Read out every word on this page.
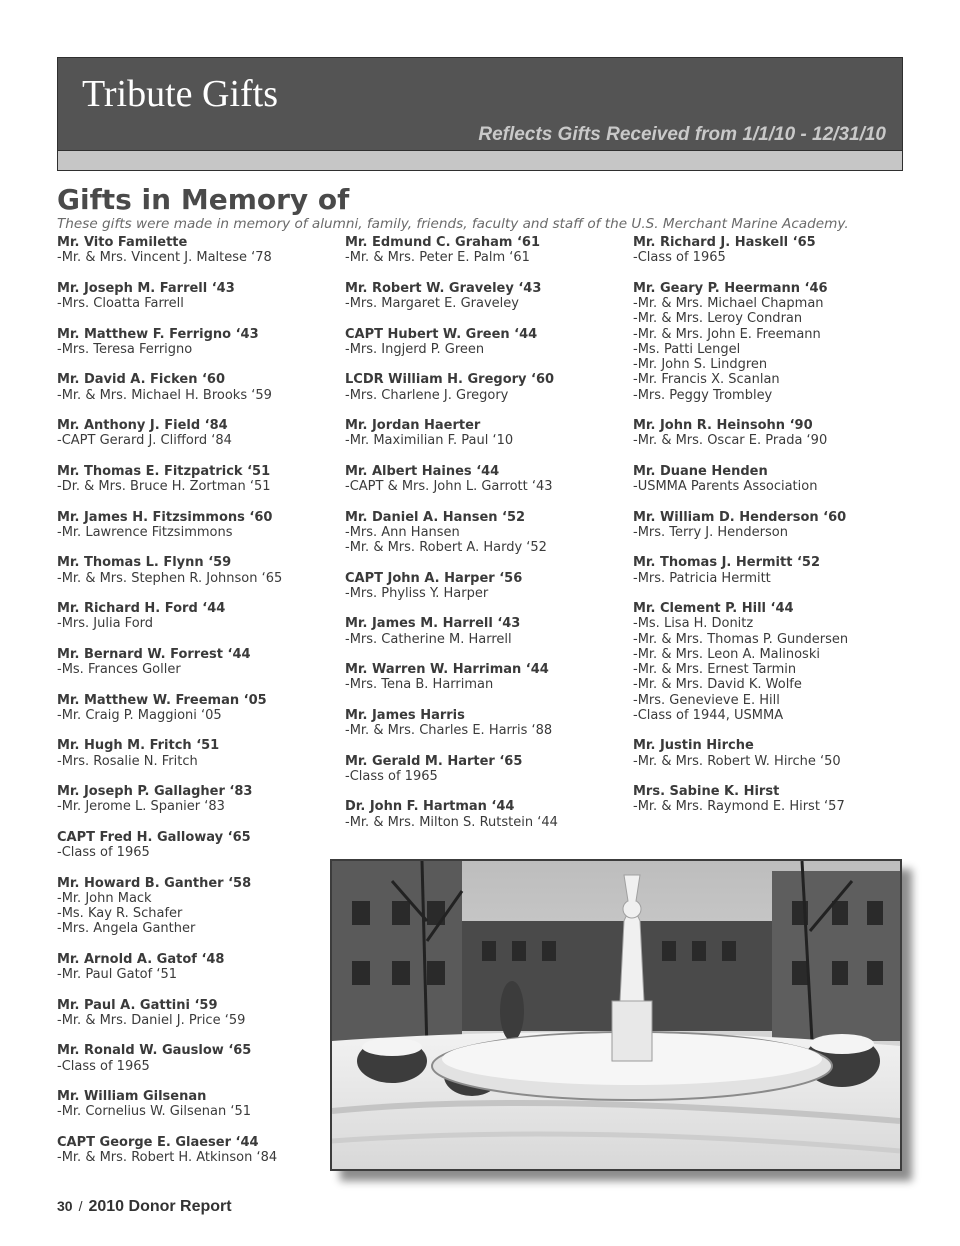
Tribute Gifts
Reflects Gifts Received from 1/1/10 - 12/31/10
Gifts in Memory of
These gifts were made in memory of alumni, family, friends, faculty and staff of the U.S. Merchant Marine Academy.
Mr. Vito Familette
-Mr. & Mrs. Vincent J. Maltese ‘78
Mr. Joseph M. Farrell ‘43
-Mrs. Cloatta Farrell
Mr. Matthew F. Ferrigno ‘43
-Mrs. Teresa Ferrigno
Mr. David A. Ficken ‘60
-Mr. & Mrs. Michael H. Brooks ‘59
Mr. Anthony J. Field ‘84
-CAPT Gerard J. Clifford ‘84
Mr. Thomas E. Fitzpatrick ‘51
-Dr. & Mrs. Bruce H. Zortman ‘51
Mr. James H. Fitzsimmons ‘60
-Mr. Lawrence Fitzsimmons
Mr. Thomas L. Flynn ‘59
-Mr. & Mrs. Stephen R. Johnson ‘65
Mr. Richard H. Ford ‘44
-Mrs. Julia Ford
Mr. Bernard W. Forrest ‘44
-Ms. Frances Goller
Mr. Matthew W. Freeman ‘05
-Mr. Craig P. Maggioni ‘05
Mr. Hugh M. Fritch ‘51
-Mrs. Rosalie N. Fritch
Mr. Joseph P. Gallagher ‘83
-Mr. Jerome L. Spanier ‘83
CAPT Fred H. Galloway ‘65
-Class of 1965
Mr. Howard B. Ganther ‘58
-Mr. John Mack
-Ms. Kay R. Schafer
-Mrs. Angela Ganther
Mr. Arnold A. Gatof ‘48
-Mr. Paul Gatof ‘51
Mr. Paul A. Gattini ‘59
-Mr. & Mrs. Daniel J. Price ‘59
Mr. Ronald W. Gauslow ‘65
-Class of 1965
Mr. William Gilsenan
-Mr. Cornelius W. Gilsenan ‘51
CAPT George E. Glaeser ‘44
-Mr. & Mrs. Robert H. Atkinson ‘84
Mr. Edmund C. Graham ‘61
-Mr. & Mrs. Peter E. Palm ‘61
Mr. Robert W. Graveley ‘43
-Mrs. Margaret E. Graveley
CAPT Hubert W. Green ‘44
-Mrs. Ingjerd P. Green
LCDR William H. Gregory ‘60
-Mrs. Charlene J. Gregory
Mr. Jordan Haerter
-Mr. Maximilian F. Paul ‘10
Mr. Albert Haines ‘44
-CAPT & Mrs. John L. Garrott ‘43
Mr. Daniel A. Hansen ‘52
-Mrs. Ann Hansen
-Mr. & Mrs. Robert A. Hardy ‘52
CAPT John A. Harper ‘56
-Mrs. Phyliss Y. Harper
Mr. James M. Harrell ‘43
-Mrs. Catherine M. Harrell
Mr. Warren W. Harriman ‘44
-Mrs. Tena B. Harriman
Mr. James Harris
-Mr. & Mrs. Charles E. Harris ‘88
Mr. Gerald M. Harter ‘65
-Class of 1965
Dr. John F. Hartman ‘44
-Mr. & Mrs. Milton S. Rutstein ‘44
Mr. Richard J. Haskell ‘65
-Class of 1965
Mr. Geary P. Heermann ‘46
-Mr. & Mrs. Michael Chapman
-Mr. & Mrs. Leroy Condran
-Mr. & Mrs. John E. Freemann
-Ms. Patti Lengel
-Mr. John S. Lindgren
-Mr. Francis X. Scanlan
-Mrs. Peggy Trombley
Mr. John R. Heinsohn ‘90
-Mr. & Mrs. Oscar E. Prada ‘90
Mr. Duane Henden
-USMMA Parents Association
Mr. William D. Henderson ‘60
-Mrs. Terry J. Henderson
Mr. Thomas J. Hermitt ‘52
-Mrs. Patricia Hermitt
Mr. Clement P. Hill ‘44
-Ms. Lisa H. Donitz
-Mr. & Mrs. Thomas P. Gundersen
-Mr. & Mrs. Leon A. Malinoski
-Mr. & Mrs. Ernest Tarmin
-Mr. & Mrs. David K. Wolfe
-Mrs. Genevieve E. Hill
-Class of 1944, USMMA
Mr. Justin Hirche
-Mr. & Mrs. Robert W. Hirche ‘50
Mrs. Sabine K. Hirst
-Mr. & Mrs. Raymond E. Hirst ‘57
30 / 2010 Donor Report
